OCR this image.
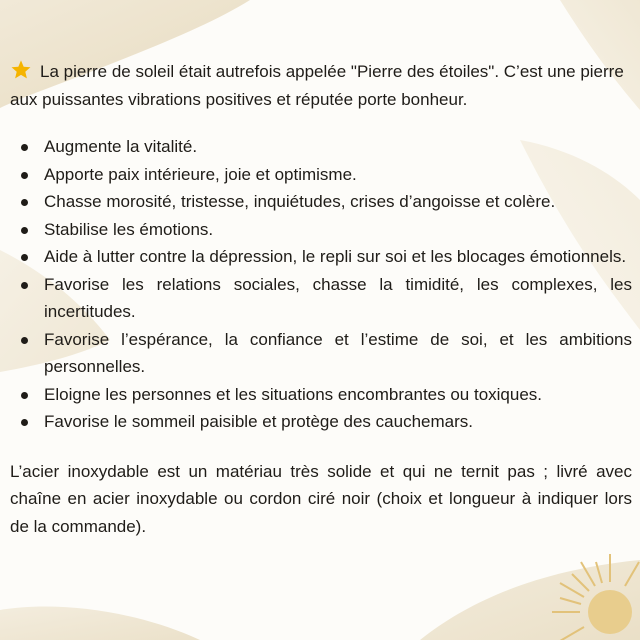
La pierre de soleil était autrefois appelée "Pierre des étoiles". C’est une pierre aux puissantes vibrations positives et réputée porte bonheur.

Augmente la vitalité.
Apporte paix intérieure, joie et optimisme.
Chasse morosité, tristesse, inquiétudes, crises d’angoisse et colère.
Stabilise les émotions.
Aide à lutter contre la dépression, le repli sur soi et les blocages émotionnels.
Favorise les relations sociales, chasse la timidité, les complexes, les incertitudes.
Favorise l’espérance, la confiance et l’estime de soi, et les ambitions personnelles.
Eloigne les personnes et les situations encombrantes ou toxiques.
Favorise le sommeil paisible et protège des cauchemars.

L’acier inoxydable est un matériau très solide et qui ne ternit pas ; livré avec chaîne en acier inoxydable ou cordon ciré noir (choix et longueur à indiquer lors de la commande).
